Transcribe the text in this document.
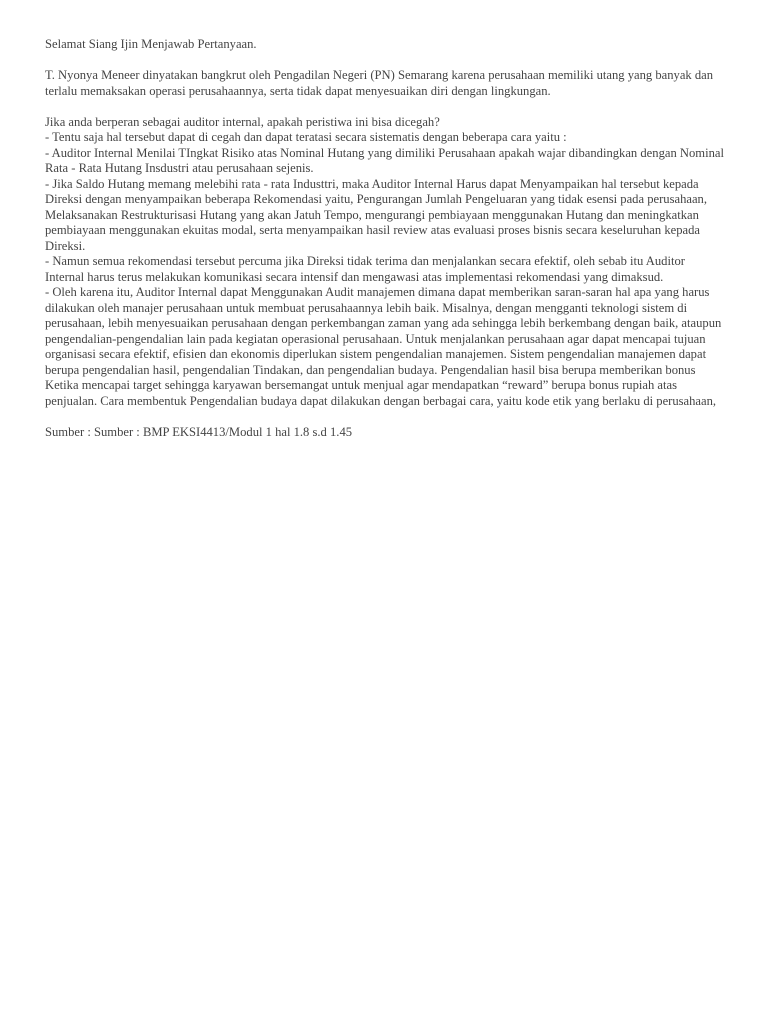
Selamat Siang Ijin Menjawab Pertanyaan.

T. Nyonya Meneer dinyatakan bangkrut oleh Pengadilan Negeri (PN) Semarang karena perusahaan memiliki utang yang banyak dan terlalu memaksakan operasi perusahaannya, serta tidak dapat menyesuaikan diri dengan lingkungan.

Jika anda berperan sebagai auditor internal, apakah peristiwa ini bisa dicegah?

- Tentu saja hal tersebut dapat di cegah dan dapat teratasi secara sistematis dengan beberapa cara yaitu :

- Auditor Internal Menilai TIngkat Risiko atas Nominal Hutang yang dimiliki Perusahaan apakah wajar dibandingkan dengan Nominal Rata - Rata Hutang Insdustri atau perusahaan sejenis.

- Jika Saldo Hutang memang melebihi rata - rata Industtri, maka Auditor Internal Harus dapat Menyampaikan hal tersebut kepada Direksi dengan menyampaikan beberapa Rekomendasi yaitu, Pengurangan Jumlah Pengeluaran yang tidak esensi pada perusahaan, Melaksanakan Restrukturisasi Hutang yang akan Jatuh Tempo, mengurangi pembiayaan menggunakan Hutang dan meningkatkan pembiayaan menggunakan ekuitas modal, serta menyampaikan hasil review atas evaluasi proses bisnis secara keseluruhan kepada Direksi.

- Namun semua rekomendasi tersebut percuma jika Direksi tidak terima dan menjalankan secara efektif, oleh sebab itu Auditor Internal harus terus melakukan komunikasi secara intensif dan mengawasi atas implementasi rekomendasi yang dimaksud.

- Oleh karena itu, Auditor Internal dapat Menggunakan Audit manajemen dimana dapat memberikan saran-saran hal apa yang harus dilakukan oleh manajer perusahaan untuk membuat perusahaannya lebih baik. Misalnya, dengan mengganti teknologi sistem di perusahaan, lebih menyesuaikan perusahaan dengan perkembangan zaman yang ada sehingga lebih berkembang dengan baik, ataupun pengendalian-pengendalian lain pada kegiatan operasional perusahaan. Untuk menjalankan perusahaan agar dapat mencapai tujuan organisasi secara efektif, efisien dan ekonomis diperlukan sistem pengendalian manajemen. Sistem pengendalian manajemen dapat berupa pengendalian hasil, pengendalian Tindakan, dan pengendalian budaya. Pengendalian hasil bisa berupa memberikan bonus Ketika mencapai target sehingga karyawan bersemangat untuk menjual agar mendapatkan “reward” berupa bonus rupiah atas penjualan. Cara membentuk Pengendalian budaya dapat dilakukan dengan berbagai cara, yaitu kode etik yang berlaku di perusahaan,

Sumber : Sumber : BMP EKSI4413/Modul 1 hal 1.8 s.d 1.45
